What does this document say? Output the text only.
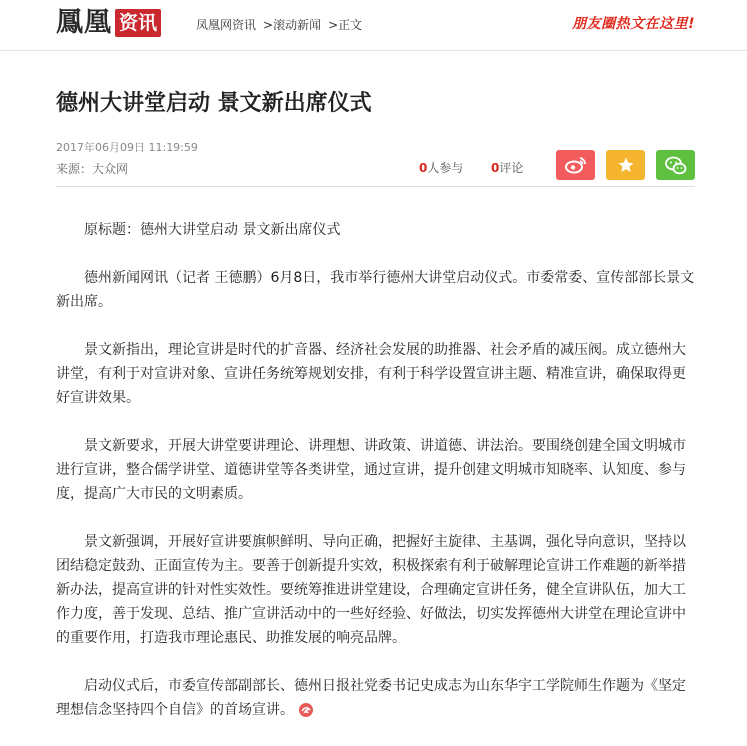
鳳凰 资讯	凤凰网资讯 >滚动新闻 >正文	朋友圈热文在这里!
德州大讲堂启动 景文新出席仪式
2017年06月09日 11:19:59
来源：大众网	0人参与 0评论

原标题：德州大讲堂启动 景文新出席仪式

德州新闻网讯（记者 王德鹏）6月8日，我市举行德州大讲堂启动仪式。市委常委、宣传部部长景文新出席。

景文新指出，理论宣讲是时代的扩音器、经济社会发展的助推器、社会矛盾的减压阀。成立德州大讲堂，有利于对宣讲对象、宣讲任务统筹规划安排，有利于科学设置宣讲主题、精准宣讲，确保取得更好宣讲效果。

景文新要求，开展大讲堂要讲理论、讲理想、讲政策、讲道德、讲法治。要围绕创建全国文明城市进行宣讲，整合儒学讲堂、道德讲堂等各类讲堂，通过宣讲，提升创建文明城市知晓率、认知度、参与度，提高广大市民的文明素质。

景文新强调，开展好宣讲要旗帜鲜明、导向正确，把握好主旋律、主基调，强化导向意识，坚持以团结稳定鼓劲、正面宣传为主。要善于创新提升实效，积极探索有利于破解理论宣讲工作难题的新举措新办法，提高宣讲的针对性实效性。要统筹推进讲堂建设，合理确定宣讲任务，健全宣讲队伍，加大工作力度，善于发现、总结、推广宣讲活动中的一些好经验、好做法，切实发挥德州大讲堂在理论宣讲中的重要作用，打造我市理论惠民、助推发展的响亮品牌。

启动仪式后，市委宣传部副部长、德州日报社党委书记史成志为山东华宇工学院师生作题为《坚定理想信念坚持四个自信》的首场宣讲。
